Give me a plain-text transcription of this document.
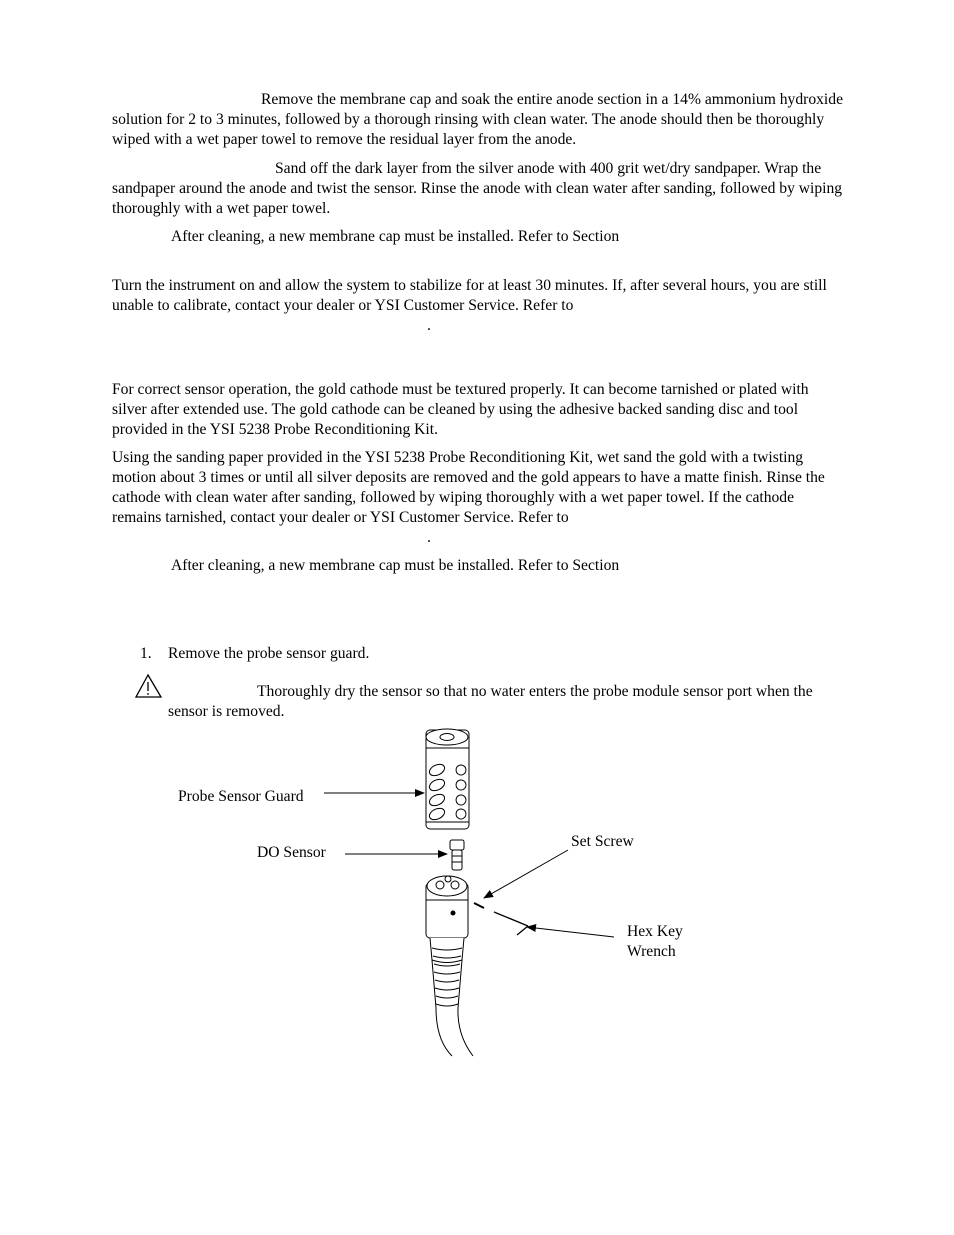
Remove the membrane cap and soak the entire anode section in a 14% ammonium hydroxide solution for 2 to 3 minutes, followed by a thorough rinsing with clean water. The anode should then be thoroughly wiped with a wet paper towel to remove the residual layer from the anode.

Sand off the dark layer from the silver anode with 400 grit wet/dry sandpaper. Wrap the sandpaper around the anode and twist the sensor. Rinse the anode with clean water after sanding, followed by wiping thoroughly with a wet paper towel.

After cleaning, a new membrane cap must be installed. Refer to Section

Turn the instrument on and allow the system to stabilize for at least 30 minutes. If, after several hours, you are still unable to calibrate, contact your dealer or YSI Customer Service. Refer to

.

For correct sensor operation, the gold cathode must be textured properly. It can become tarnished or plated with silver after extended use. The gold cathode can be cleaned by using the adhesive backed sanding disc and tool provided in the YSI 5238 Probe Reconditioning Kit.

Using the sanding paper provided in the YSI 5238 Probe Reconditioning Kit, wet sand the gold with a twisting motion about 3 times or until all silver deposits are removed and the gold appears to have a matte finish. Rinse the cathode with clean water after sanding, followed by wiping thoroughly with a wet paper towel. If the cathode remains tarnished, contact your dealer or YSI Customer Service. Refer to

.

After cleaning, a new membrane cap must be installed. Refer to Section

1. Remove the probe sensor guard.
Thoroughly dry the sensor so that no water enters the probe module sensor port when the sensor is removed.
Probe Sensor Guard
DO Sensor
Set Screw
Hex Key
Wrench
